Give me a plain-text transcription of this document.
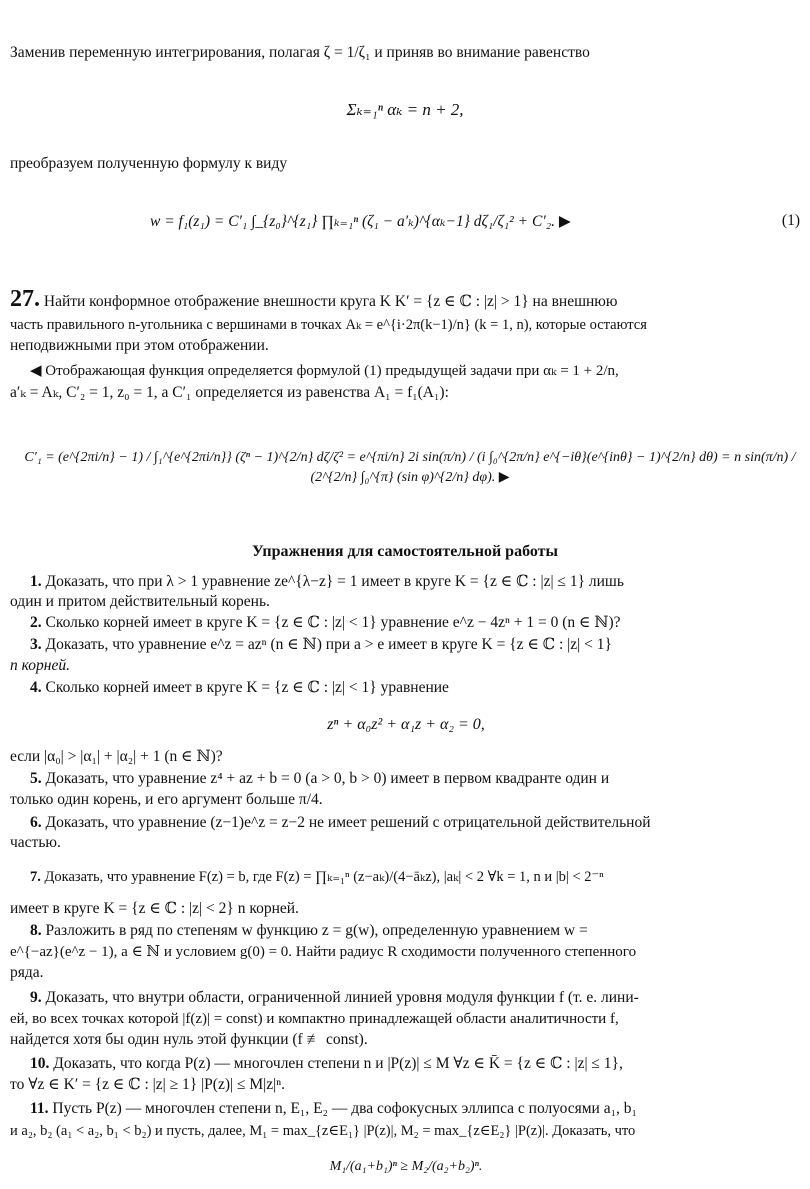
Заменив переменную интегрирования, полагая ζ = 1/ζ₁ и приняв во внимание равенство
Σₖ₌₁ⁿ αₖ = n + 2,
преобразуем полученную формулу к виду
w = f₁(z₁) = C′₁ ∫_{z₀}^{z₁} ∏ₖ₌₁ⁿ (ζ₁ − a′ₖ)^{αₖ−1} dζ₁/ζ₁² + C′₂. ▶	(1)
27. Найти конформное отображение внешности круга K K′ = {z ∈ ℂ : |z| > 1} на внешнюю
часть правильного n-угольника с вершинами в точках Aₖ = e^{i·2π(k−1)/n} (k = 1, n), которые остаются
неподвижными при этом отображении.
◀ Отображающая функция определяется формулой (1) предыдущей задачи при αₖ = 1 + 2/n,
a′ₖ = Aₖ, C′₂ = 1, z₀ = 1, а C′₁ определяется из равенства A₁ = f₁(A₁):
C′₁ = (e^{2πi/n} − 1) / ∫₁^{e^{2πi/n}} (ζⁿ − 1)^{2/n} dζ/ζ² = e^{πi/n} 2i sin(π/n) / (i ∫₀^{2π/n} e^{−iθ}(e^{inθ} − 1)^{2/n} dθ) = n sin(π/n) / (2^{2/n} ∫₀^{π} (sin φ)^{2/n} dφ). ▶
Упражнения для самостоятельной работы
1. Доказать, что при λ > 1 уравнение ze^{λ−z} = 1 имеет в круге K = {z ∈ ℂ : |z| ≤ 1} лишь
один и притом действительный корень.
2. Сколько корней имеет в круге K = {z ∈ ℂ : |z| < 1} уравнение e^z − 4zⁿ + 1 = 0 (n ∈ ℕ)?
3. Доказать, что уравнение e^z = azⁿ (n ∈ ℕ) при a > e имеет в круге K = {z ∈ ℂ : |z| < 1}
n корней.
4. Сколько корней имеет в круге K = {z ∈ ℂ : |z| < 1} уравнение
zⁿ + α₀z² + α₁z + α₂ = 0,
если |α₀| > |α₁| + |α₂| + 1 (n ∈ ℕ)?
5. Доказать, что уравнение z⁴ + az + b = 0 (a > 0, b > 0) имеет в первом квадранте один и
только один корень, и его аргумент больше π/4.
6. Доказать, что уравнение (z−1)e^z = z−2 не имеет решений с отрицательной действительной
частью.
7. Доказать, что уравнение F(z) = b, где F(z) = ∏ₖ₌₁ⁿ (z−aₖ)/(4−āₖz), |aₖ| < 2 ∀k = 1, n и |b| < 2⁻ⁿ
имеет в круге K = {z ∈ ℂ : |z| < 2} n корней.
8. Разложить в ряд по степеням w функцию z = g(w), определенную уравнением w =
e^{−az}(e^z − 1), a ∈ ℕ и условием g(0) = 0. Найти радиус R сходимости полученного степенного
ряда.
9. Доказать, что внутри области, ограниченной линией уровня модуля функции f (т. е. лини-
ей, во всех точках которой |f(z)| = const) и компактно принадлежащей области аналитичности f,
найдется хотя бы один нуль этой функции (f ≢ const).
10. Доказать, что когда P(z) — многочлен степени n и |P(z)| ≤ M ∀z ∈ K̄ = {z ∈ ℂ : |z| ≤ 1},
то ∀z ∈ K′ = {z ∈ ℂ : |z| ≥ 1} |P(z)| ≤ M|z|ⁿ.
11. Пусть P(z) — многочлен степени n, E₁, E₂ — два софокусных эллипса с полуосями a₁, b₁
и a₂, b₂ (a₁ < a₂, b₁ < b₂) и пусть, далее, M₁ = max_{z∈E₁} |P(z)|, M₂ = max_{z∈E₂} |P(z)|. Доказать, что
M₁/(a₁+b₁)ⁿ ≥ M₂/(a₂+b₂)ⁿ.
